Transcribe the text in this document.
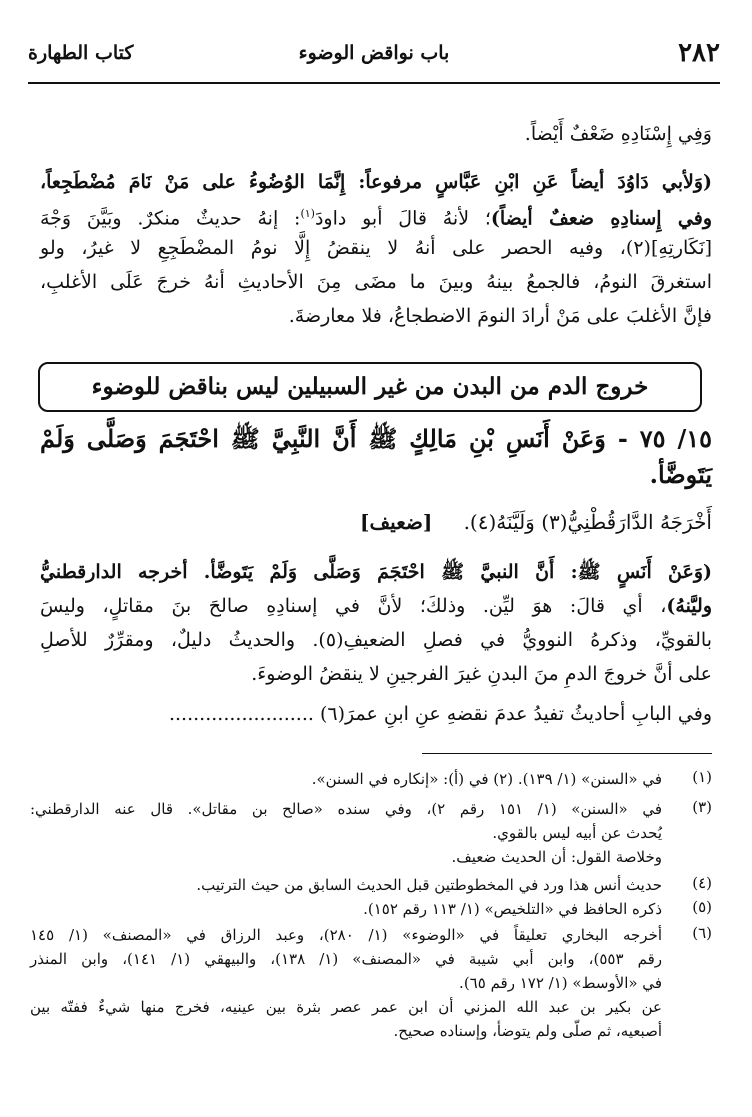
٢٨٢
باب نواقض الوضوء
كتاب الطهارة
وَفِي إِسْنَادِهِ ضَعْفٌ أَيْضاً.
(وَلأبي دَاوُدَ أيضاً عَنِ ابْنِ عَبَّاسٍ مرفوعاً: إِنَّمَا الوُضُوءُ على مَنْ نَامَ مُضْطَجِعاً،
وفي إِسنادِهِ ضعفٌ أيضاً)؛ لأنهُ قالَ أبو داودَ$^{(١)}$: إنهُ حديثٌ منكرٌ. وبَيَّنَ وَجْهَ
[نَكَارتِهِ](٢)، وفيه الحصر على أنهُ لا ينقضُ إِلَّا نومُ المضْطَجِعِ لا غيرُ، ولو
استغرقَ النومُ، فالجمعُ بينهُ وبينَ ما مضَى مِنَ الأحاديثِ أنهُ خرجَ عَلَى الأغلبِ،
فإنَّ الأغلبَ على مَنْ أرادَ النومَ الاضطجاعُ، فلا معارضةَ.
خروج الدم من البدن من غير السبيلين ليس بناقض للوضوء
١٥/ ٧٥ - وَعَنْ أَنَسِ بْنِ مَالِكٍ ﷺ أَنَّ النَّبِيَّ ﷺ احْتَجَمَ وَصَلَّى وَلَمْ
يَتَوضَّأ.
أَخْرَجَهُ الدَّارَقُطْنِيُّ(٣) وَلَيَّنَهُ(٤).
[ضعيف]
(وَعَنْ أَنَسٍ ﷺ: أَنَّ النبيَّ ﷺ احْتَجَمَ وَصَلَّى وَلَمْ يَتَوضَّأ. أخرجه الدارقطنيُّ
وليَّنهُ)، أي قالَ: هوَ ليِّن. وذلكَ؛ لأنَّ في إسنادِهِ صالحَ بنَ مقاتلٍ، وليسَ
بالقويِّ، وذكرهُ النوويُّ في فصلِ الضعيفِ(٥). والحديثُ دليلٌ، ومقرِّرٌ للأصلِ
على أنَّ خروجَ الدمِ منَ البدنِ غيرَ الفرجينِ لا ينقضُ الوضوءَ.
وفي البابِ أحاديثُ تفيدُ عدمَ نقضهِ عنِ ابنِ عمرَ(٦) ........................
(١)
في «السنن» (١/ ١٣٩). (٢) في (أ): «إنكاره في السنن».
(٣)
في «السنن» (١/ ١٥١ رقم ٢)، وفي سنده «صالح بن مقاتل». قال عنه الدارقطني:
يُحدث عن أبيه ليس بالقوي.
وخلاصة القول: أن الحديث ضعيف.
(٤)
حديث أنس هذا ورد في المخطوطتين قبل الحديث السابق من حيث الترتيب.
(٥)
ذكره الحافظ في «التلخيص» (١/ ١١٣ رقم ١٥٢).
(٦)
أخرجه البخاري تعليقاً في «الوضوء» (١/ ٢٨٠)، وعبد الرزاق في «المصنف» (١/ ١٤٥
رقم ٥٥٣)، وابن أبي شيبة في «المصنف» (١/ ١٣٨)، والبيهقي (١/ ١٤١)، وابن المنذر
في «الأوسط» (١/ ١٧٢ رقم ٦٥).
عن بكير بن عبد الله المزني أن ابن عمر عصر بثرة بين عينيه، فخرج منها شيءٌ ففتّه بين
أصبعيه، ثم صلّى ولم يتوضأ، وإسناده صحيح.
